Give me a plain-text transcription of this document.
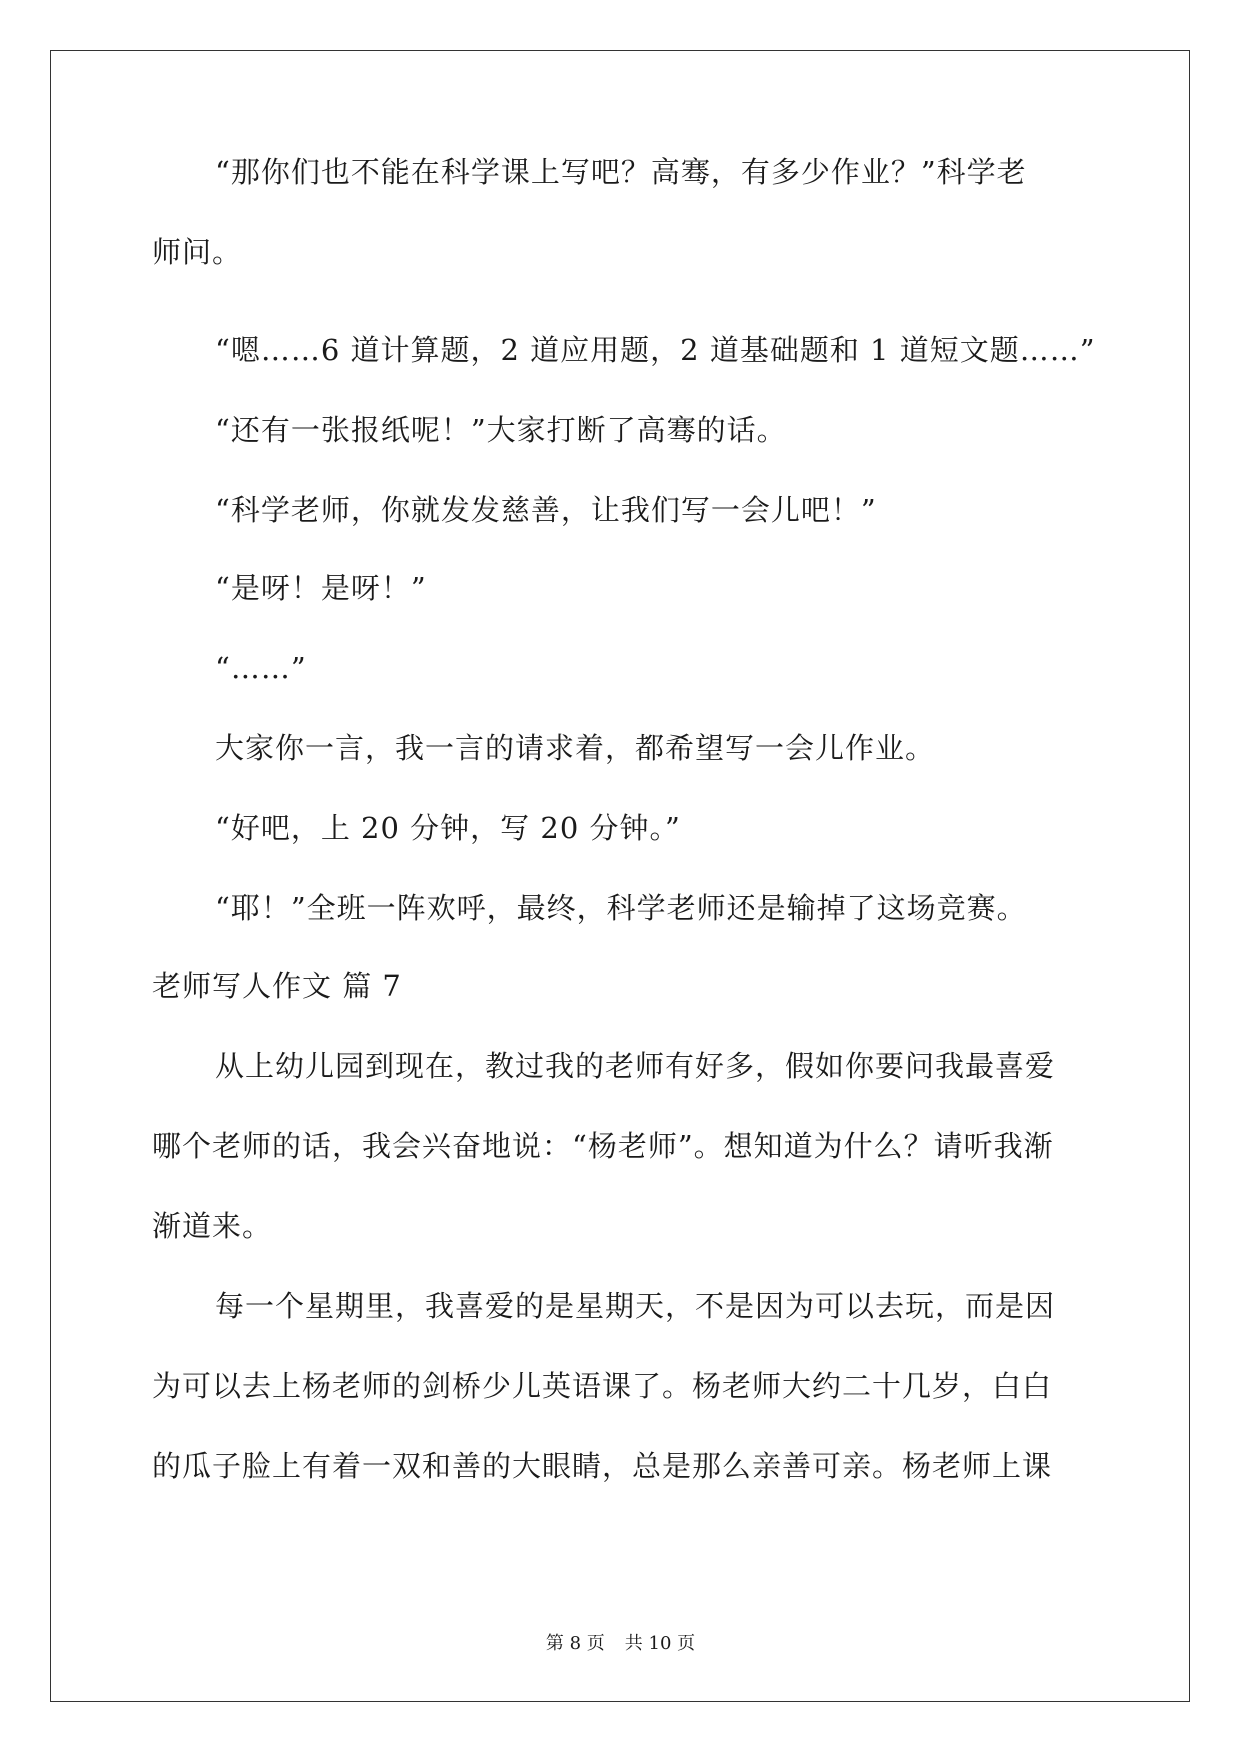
“那你们也不能在科学课上写吧？高骞，有多少作业？”科学老
师问。
“嗯……6 道计算题，2 道应用题，2 道基础题和 1 道短文题……”
“还有一张报纸呢！”大家打断了高骞的话。
“科学老师，你就发发慈善，让我们写一会儿吧！”
“是呀！是呀！”
“……”
大家你一言，我一言的请求着，都希望写一会儿作业。
“好吧，上 20 分钟，写 20 分钟。”
“耶！”全班一阵欢呼，最终，科学老师还是输掉了这场竞赛。
老师写人作文 篇 7
从上幼儿园到现在，教过我的老师有好多，假如你要问我最喜爱
哪个老师的话，我会兴奋地说：“杨老师”。想知道为什么？请听我渐
渐道来。
每一个星期里，我喜爱的是星期天，不是因为可以去玩，而是因
为可以去上杨老师的剑桥少儿英语课了。杨老师大约二十几岁，白白
的瓜子脸上有着一双和善的大眼睛，总是那么亲善可亲。杨老师上课
第 8 页 共 10 页
